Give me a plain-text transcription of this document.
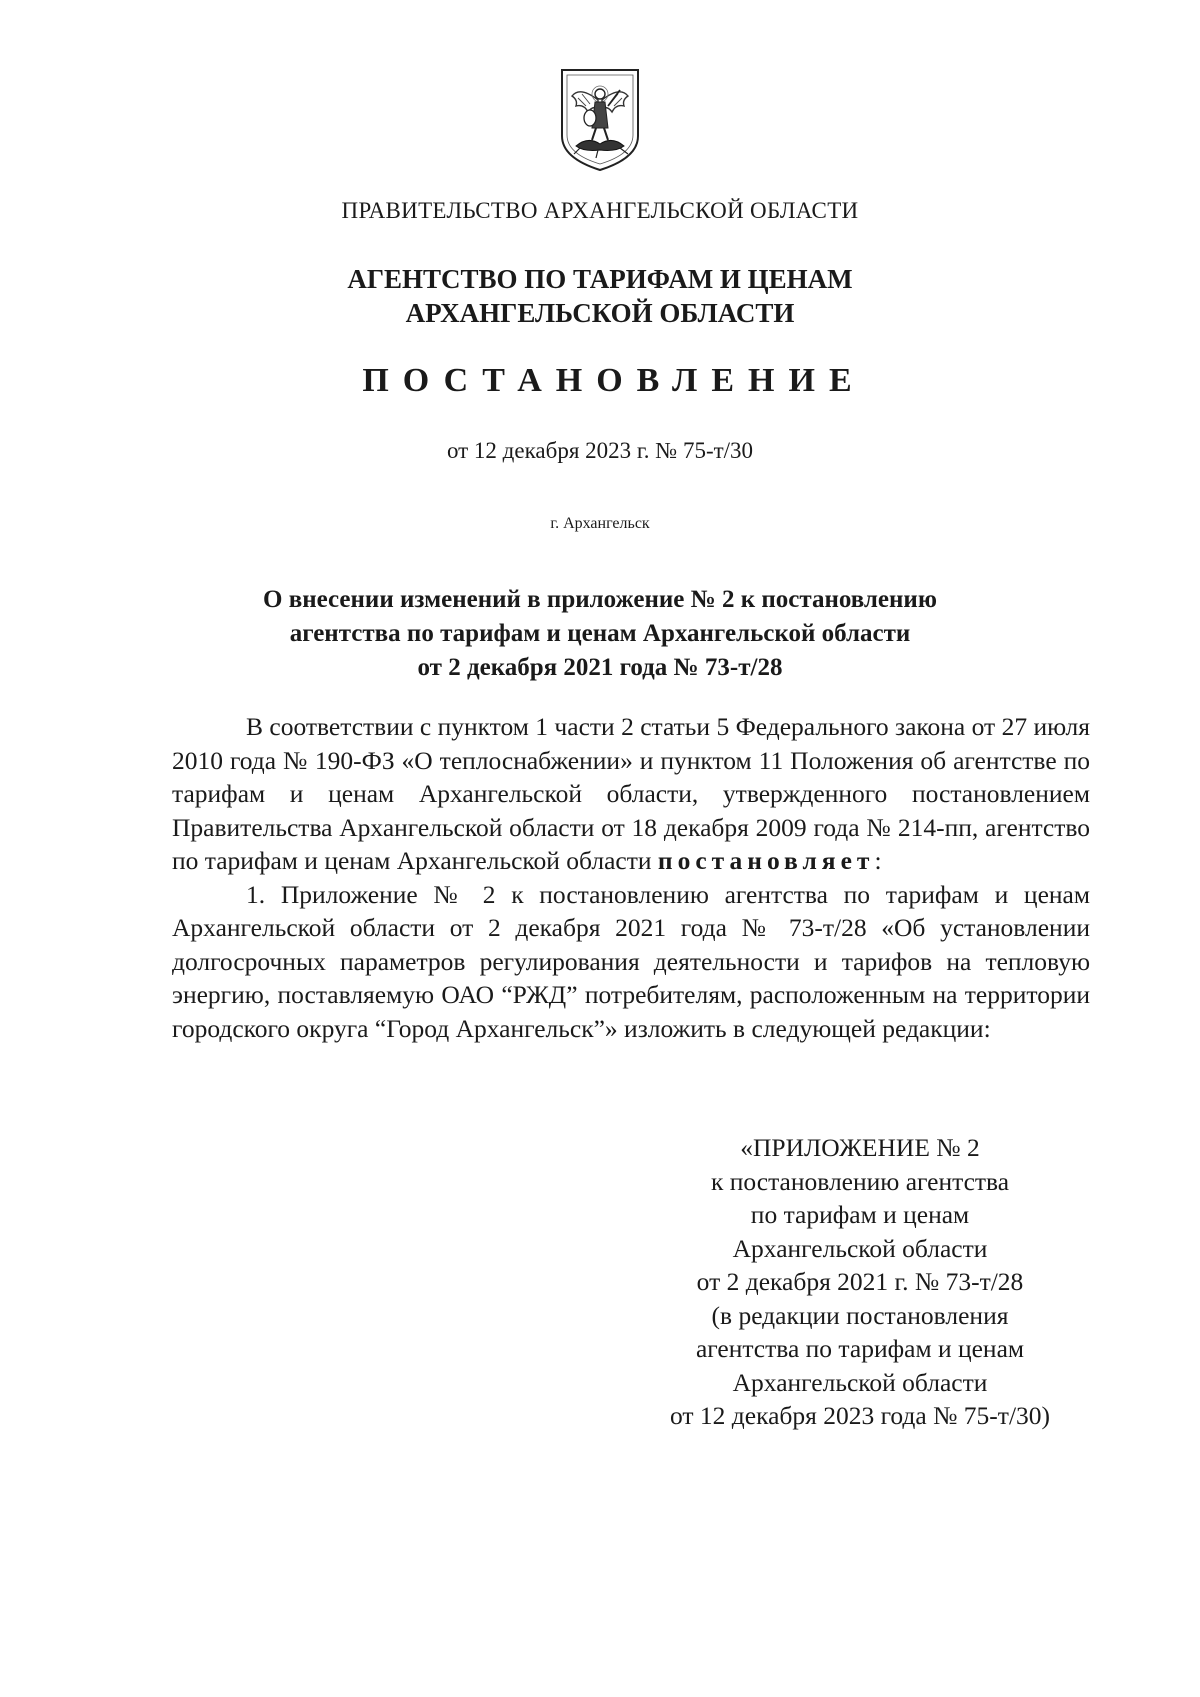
ПРАВИТЕЛЬСТВО АРХАНГЕЛЬСКОЙ ОБЛАСТИ

АГЕНТСТВО ПО ТАРИФАМ И ЦЕНАМ
АРХАНГЕЛЬСКОЙ ОБЛАСТИ

ПОСТАНОВЛЕНИЕ

от 12 декабря 2023 г. № 75-т/30

г. Архангельск

О внесении изменений в приложение № 2 к постановлению
агентства по тарифам и ценам Архангельской области
от 2 декабря 2021 года № 73-т/28

В соответствии с пунктом 1 части 2 статьи 5 Федерального закона от 27 июля 2010 года № 190-ФЗ «О теплоснабжении» и пунктом 11 Положения об агентстве по тарифам и ценам Архангельской области, утвержденного постановлением Правительства Архангельской области от 18 декабря 2009 года № 214-пп, агентство по тарифам и ценам Архангельской области постановляет:

1. Приложение № 2 к постановлению агентства по тарифам и ценам Архангельской области от 2 декабря 2021 года № 73-т/28 «Об установлении долгосрочных параметров регулирования деятельности и тарифов на тепловую энергию, поставляемую ОАО “РЖД” потребителям, расположенным на территории городского округа “Город Архангельск”» изложить в следующей редакции:

«ПРИЛОЖЕНИЕ № 2
к постановлению агентства
по тарифам и ценам
Архангельской области
от 2 декабря 2021 г. № 73-т/28
(в редакции постановления
агентства по тарифам и ценам
Архангельской области
от 12 декабря 2023 года № 75-т/30)
